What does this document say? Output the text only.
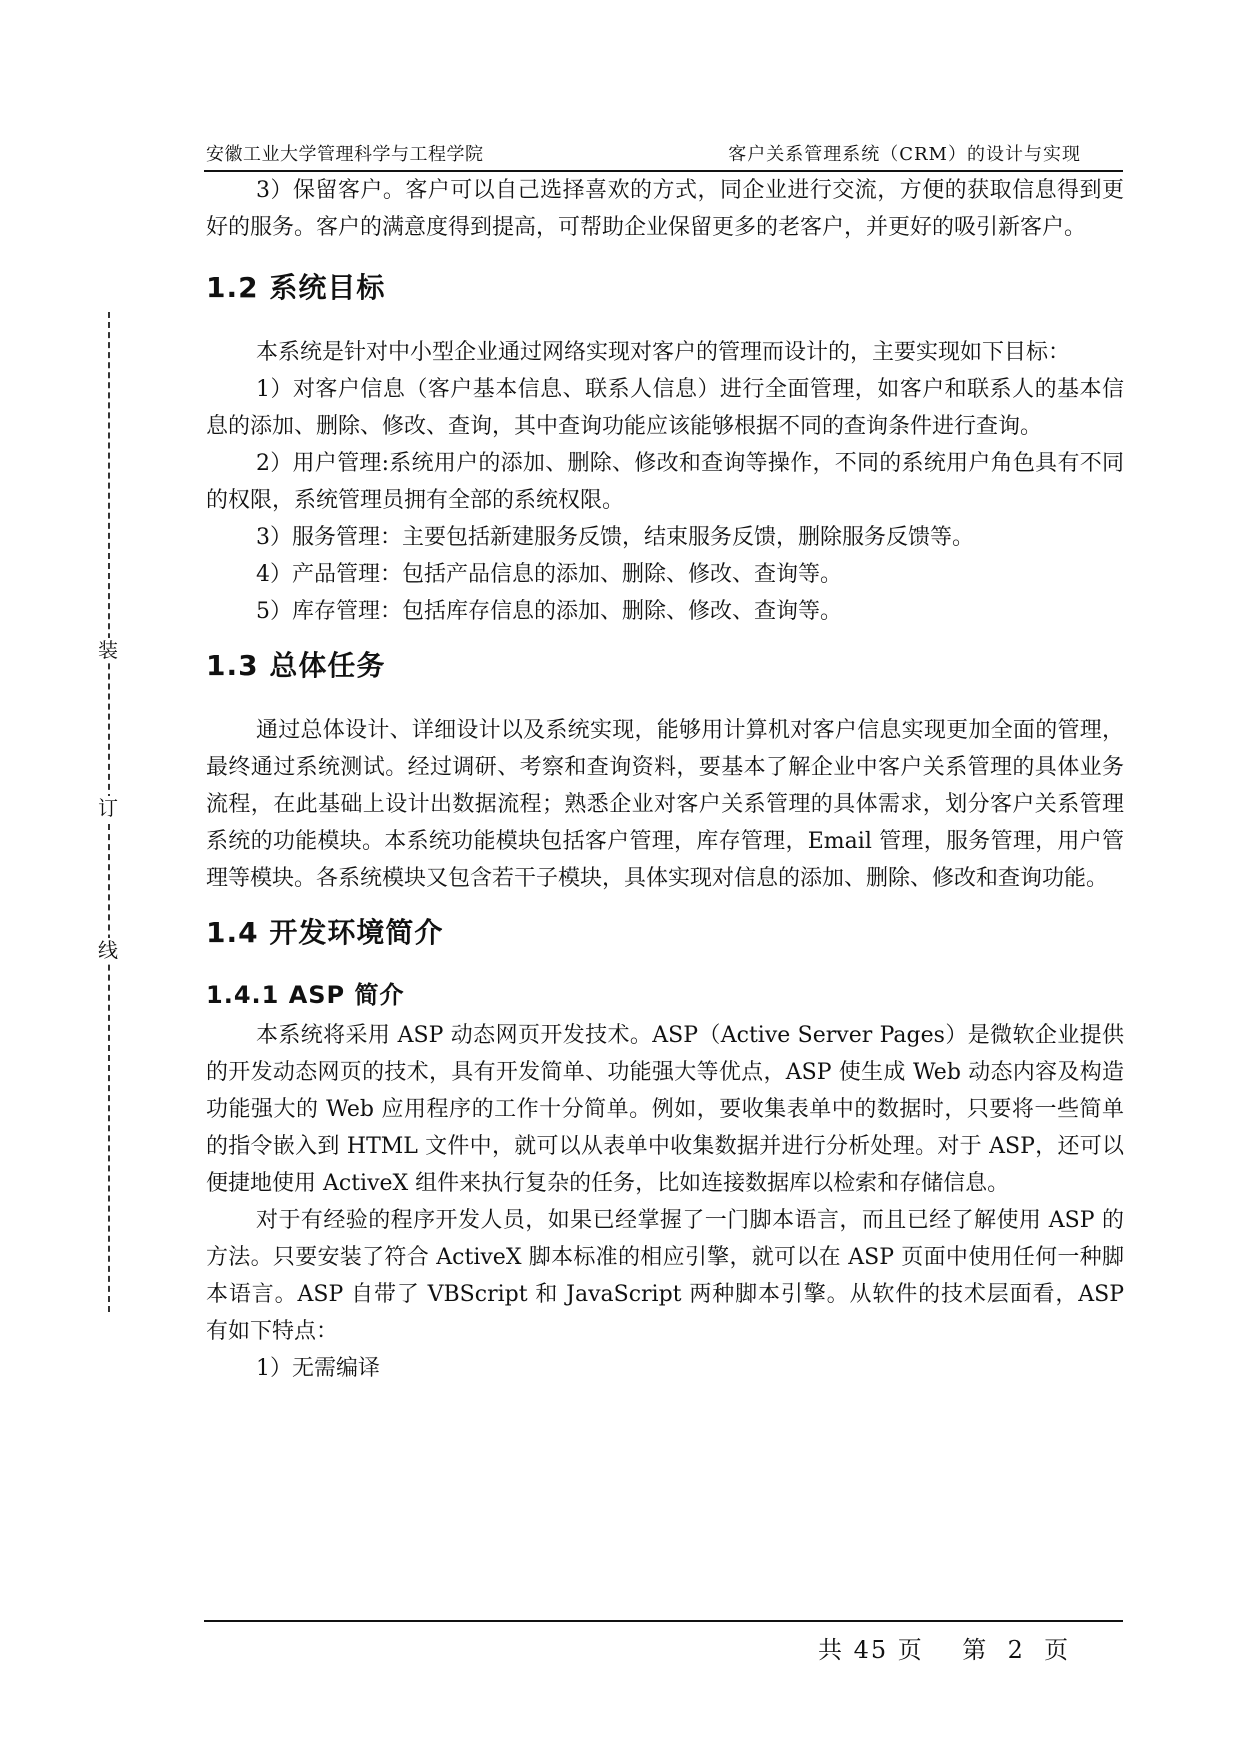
安徽工业大学管理科学与工程学院	客户关系管理系统（CRM）的设计与实现
装
订
线

3）保留客户。客户可以自己选择喜欢的方式，同企业进行交流，方便的获取信息得到更好的服务。客户的满意度得到提高，可帮助企业保留更多的老客户，并更好的吸引新客户。

1.2 系统目标

本系统是针对中小型企业通过网络实现对客户的管理而设计的，主要实现如下目标：

1）对客户信息（客户基本信息、联系人信息）进行全面管理，如客户和联系人的基本信息的添加、删除、修改、查询，其中查询功能应该能够根据不同的查询条件进行查询。

2）用户管理:系统用户的添加、删除、修改和查询等操作，不同的系统用户角色具有不同的权限，系统管理员拥有全部的系统权限。

3）服务管理：主要包括新建服务反馈，结束服务反馈，删除服务反馈等。

4）产品管理：包括产品信息的添加、删除、修改、查询等。

5）库存管理：包括库存信息的添加、删除、修改、查询等。

1.3 总体任务

通过总体设计、详细设计以及系统实现，能够用计算机对客户信息实现更加全面的管理，最终通过系统测试。经过调研、考察和查询资料，要基本了解企业中客户关系管理的具体业务流程，在此基础上设计出数据流程；熟悉企业对客户关系管理的具体需求，划分客户关系管理系统的功能模块。本系统功能模块包括客户管理，库存管理，Email 管理，服务管理，用户管理等模块。各系统模块又包含若干子模块，具体实现对信息的添加、删除、修改和查询功能。

1.4 开发环境简介
1.4.1 ASP 简介

本系统将采用 ASP 动态网页开发技术。ASP（Active Server Pages）是微软企业提供的开发动态网页的技术，具有开发简单、功能强大等优点，ASP 使生成 Web 动态内容及构造功能强大的 Web 应用程序的工作十分简单。例如，要收集表单中的数据时，只要将一些简单的指令嵌入到 HTML 文件中，就可以从表单中收集数据并进行分析处理。对于 ASP，还可以便捷地使用 ActiveX 组件来执行复杂的任务，比如连接数据库以检索和存储信息。

对于有经验的程序开发人员，如果已经掌握了一门脚本语言，而且已经了解使用 ASP 的方法。只要安装了符合 ActiveX 脚本标准的相应引擎，就可以在 ASP 页面中使用任何一种脚本语言。ASP 自带了 VBScript 和 JavaScript 两种脚本引擎。从软件的技术层面看，ASP 有如下特点：

1）无需编译

共 45 页    第  2  页
